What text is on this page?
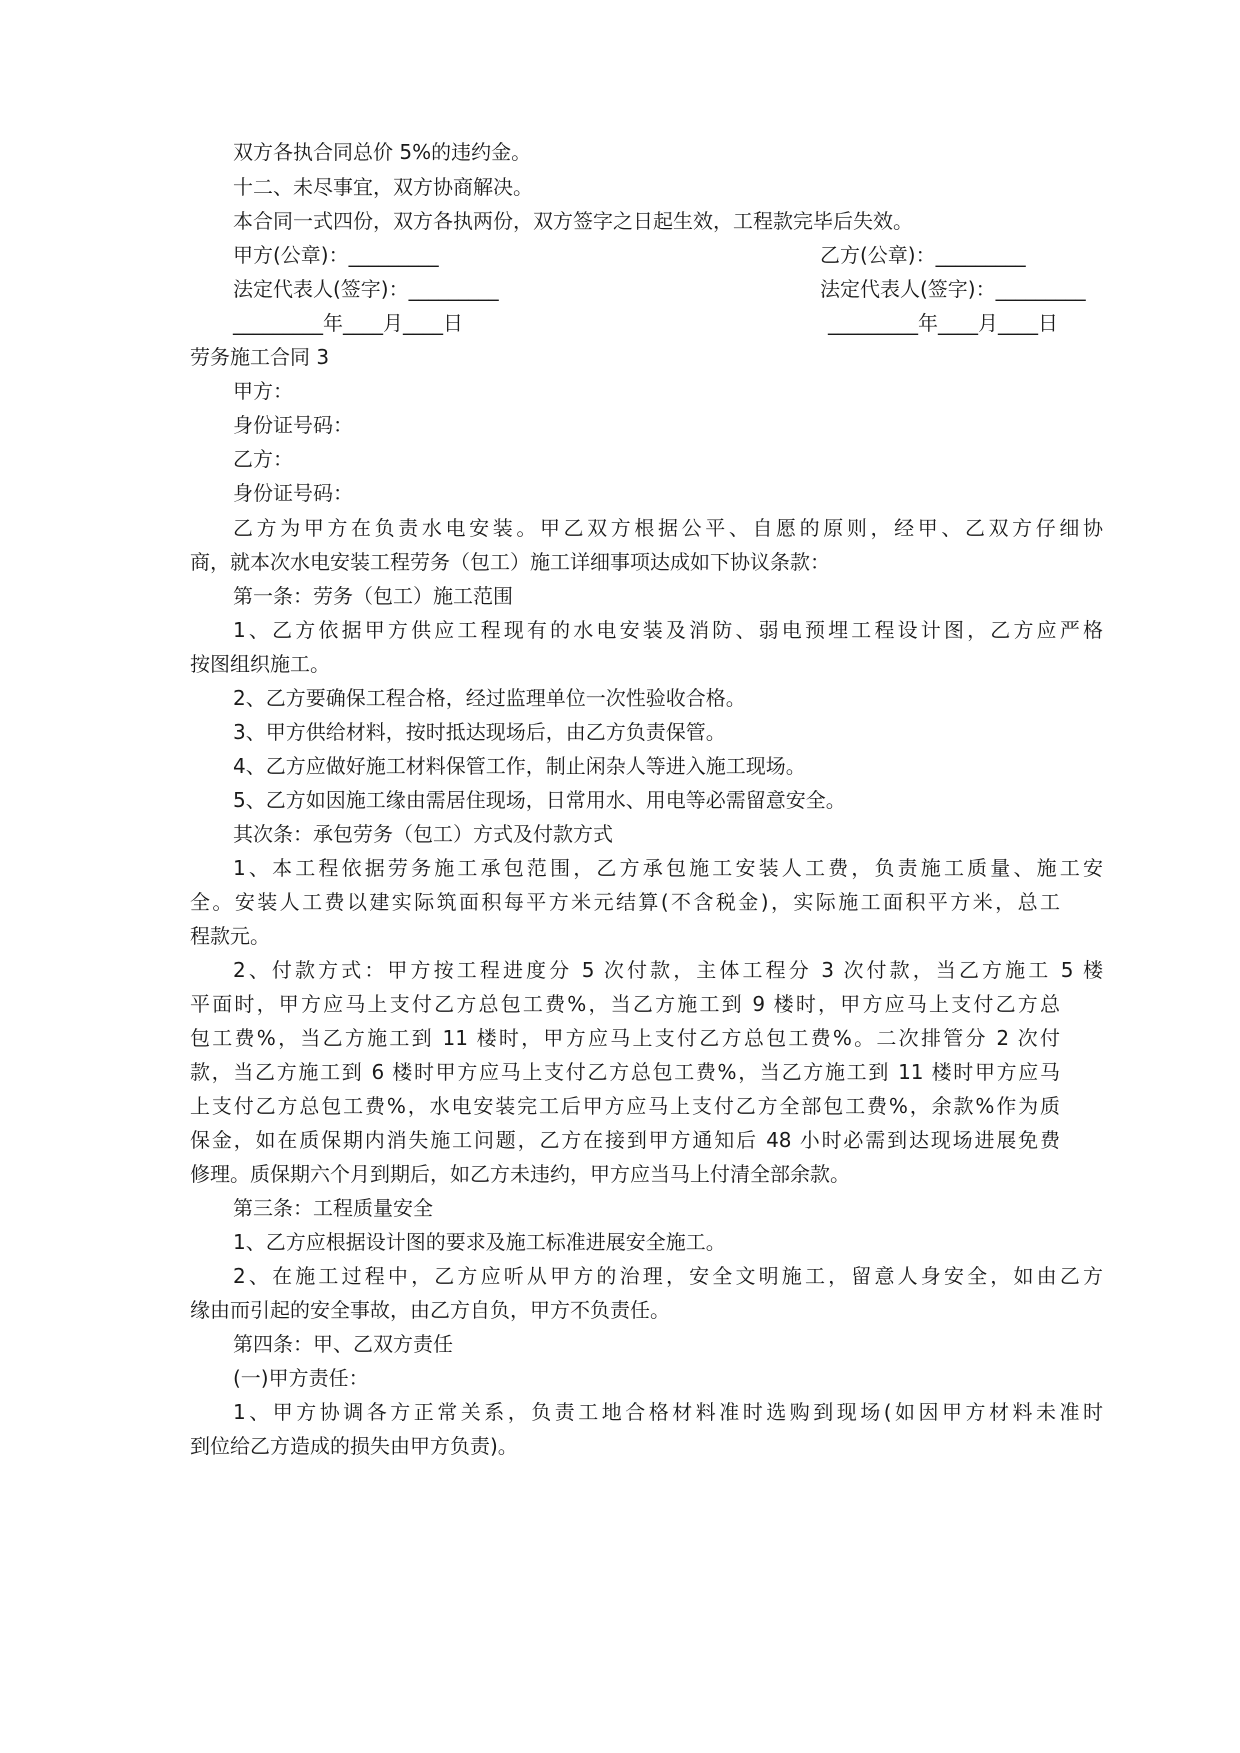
双方各执合同总价 5%的违约金。
十二、未尽事宜，双方协商解决。
本合同一式四份，双方各执两份，双方签字之日起生效，工程款完毕后失效。
甲方(公章)：_________	乙方(公章)：_________
法定代表人(签字)：_________	法定代表人(签字)：_________
_________年____月____日	_________年____月____日
劳务施工合同 3
甲方：
身份证号码：
乙方：
身份证号码：
乙方为甲方在负责水电安装。甲乙双方根据公平、自愿的原则，经甲、乙双方仔细协
商，就本次水电安装工程劳务（包工）施工详细事项达成如下协议条款：
第一条：劳务（包工）施工范围
1、乙方依据甲方供应工程现有的水电安装及消防、弱电预埋工程设计图，乙方应严格
按图组织施工。
2、乙方要确保工程合格，经过监理单位一次性验收合格。
3、甲方供给材料，按时抵达现场后，由乙方负责保管。
4、乙方应做好施工材料保管工作，制止闲杂人等进入施工现场。
5、乙方如因施工缘由需居住现场，日常用水、用电等必需留意安全。
其次条：承包劳务（包工）方式及付款方式
1、本工程依据劳务施工承包范围，乙方承包施工安装人工费，负责施工质量、施工安
全。安装人工费以建实际筑面积每平方米元结算(不含税金)，实际施工面积平方米，总工
程款元。
2、付款方式：甲方按工程进度分 5 次付款，主体工程分 3 次付款，当乙方施工 5 楼
平面时，甲方应马上支付乙方总包工费%，当乙方施工到 9 楼时，甲方应马上支付乙方总
包工费%，当乙方施工到 11 楼时，甲方应马上支付乙方总包工费%。二次排管分 2 次付
款，当乙方施工到 6 楼时甲方应马上支付乙方总包工费%，当乙方施工到 11 楼时甲方应马
上支付乙方总包工费%，水电安装完工后甲方应马上支付乙方全部包工费%，余款%作为质
保金，如在质保期内消失施工问题，乙方在接到甲方通知后 48 小时必需到达现场进展免费
修理。质保期六个月到期后，如乙方未违约，甲方应当马上付清全部余款。
第三条：工程质量安全
1、乙方应根据设计图的要求及施工标准进展安全施工。
2、在施工过程中，乙方应听从甲方的治理，安全文明施工，留意人身安全，如由乙方
缘由而引起的安全事故，由乙方自负，甲方不负责任。
第四条：甲、乙双方责任
(一)甲方责任：
1、甲方协调各方正常关系，负责工地合格材料准时选购到现场(如因甲方材料未准时
到位给乙方造成的损失由甲方负责)。
